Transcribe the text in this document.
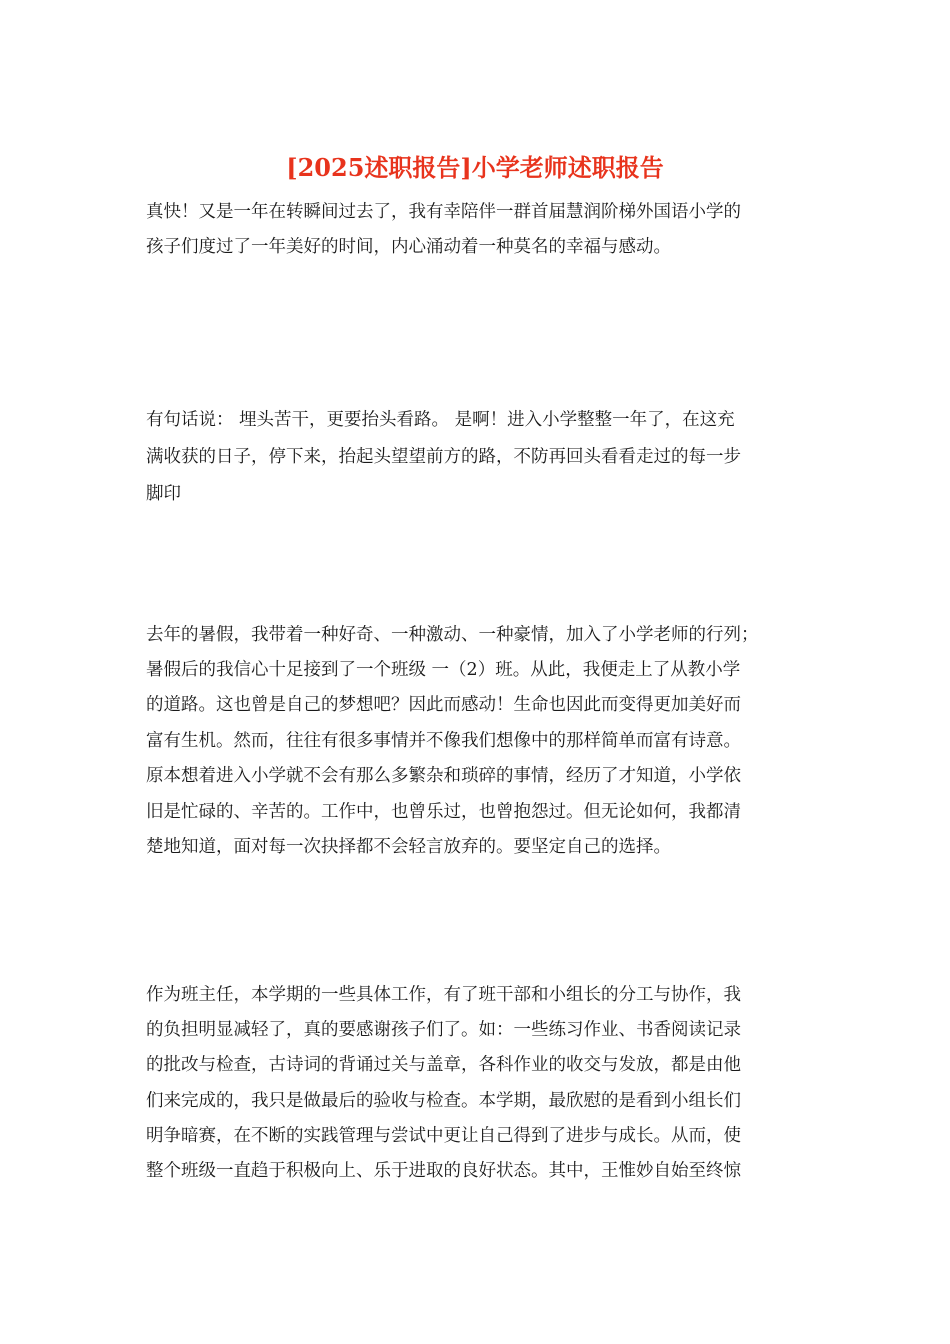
[2025述职报告]小学老师述职报告

真快！又是一年在转瞬间过去了，我有幸陪伴一群首届慧润阶梯外国语小学的

孩子们度过了一年美好的时间，内心涌动着一种莫名的幸福与感动。

有句话说： 埋头苦干，更要抬头看路。 是啊！进入小学整整一年了，在这充

满收获的日子，停下来，抬起头望望前方的路，不防再回头看看走过的每一步

脚印

去年的暑假，我带着一种好奇、一种激动、一种豪情，加入了小学老师的行列；

暑假后的我信心十足接到了一个班级 一（2）班。从此，我便走上了从教小学

的道路。这也曾是自己的梦想吧？因此而感动！生命也因此而变得更加美好而

富有生机。然而，往往有很多事情并不像我们想像中的那样简单而富有诗意。

原本想着进入小学就不会有那么多繁杂和琐碎的事情，经历了才知道，小学依

旧是忙碌的、辛苦的。工作中，也曾乐过，也曾抱怨过。但无论如何，我都清

楚地知道，面对每一次抉择都不会轻言放弃的。要坚定自己的选择。

作为班主任，本学期的一些具体工作，有了班干部和小组长的分工与协作，我

的负担明显减轻了，真的要感谢孩子们了。如：一些练习作业、书香阅读记录

的批改与检查，古诗词的背诵过关与盖章，各科作业的收交与发放，都是由他

们来完成的，我只是做最后的验收与检查。本学期，最欣慰的是看到小组长们

明争暗赛，在不断的实践管理与尝试中更让自己得到了进步与成长。从而，使

整个班级一直趋于积极向上、乐于进取的良好状态。其中，王惟妙自始至终惊
